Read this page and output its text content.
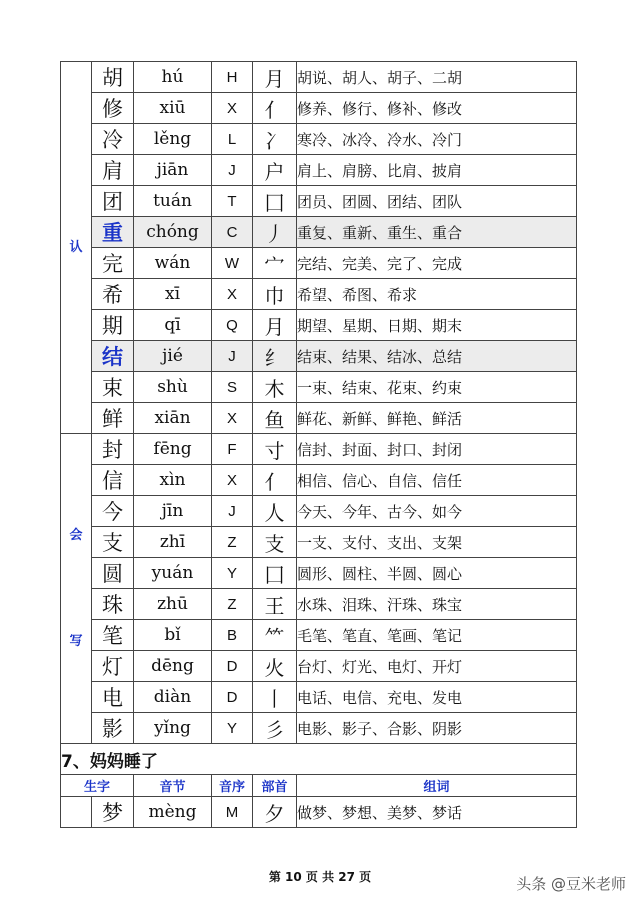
认	胡	hú	H	月	胡说、胡人、胡子、二胡
	修	xiū	X	亻	修养、修行、修补、修改
	冷	lěng	L	冫	寒冷、冰冷、冷水、冷门
	肩	jiān	J	户	肩上、肩膀、比肩、披肩
	团	tuán	T	囗	团员、团圆、团结、团队
	重	chóng	C	丿	重复、重新、重生、重合
	完	wán	W	宀	完结、完美、完了、完成
	希	xī	X	巾	希望、希图、希求
	期	qī	Q	月	期望、星期、日期、期末
	结	jié	J	纟	结束、结果、结冰、总结
	束	shù	S	木	一束、结束、花束、约束
	鲜	xiān	X	鱼	鲜花、新鲜、鲜艳、鲜活

会
写	封	fēng	F	寸	信封、封面、封口、封闭
	信	xìn	X	亻	相信、信心、自信、信任
	今	jīn	J	人	今天、今年、古今、如今
	支	zhī	Z	支	一支、支付、支出、支架
	圆	yuán	Y	囗	圆形、圆柱、半圆、圆心
	珠	zhū	Z	王	水珠、泪珠、汗珠、珠宝
	笔	bǐ	B	⺮	毛笔、笔直、笔画、笔记
	灯	dēng	D	火	台灯、灯光、电灯、开灯
	电	diàn	D	丨	电话、电信、充电、发电
	影	yǐng	Y	彡	电影、影子、合影、阴影
7、妈妈睡了					
生字		音节	音序	部首	组词
	梦	mèng	M	夕	做梦、梦想、美梦、梦话
第 10 页 共 27 页	头条 @豆米老师
